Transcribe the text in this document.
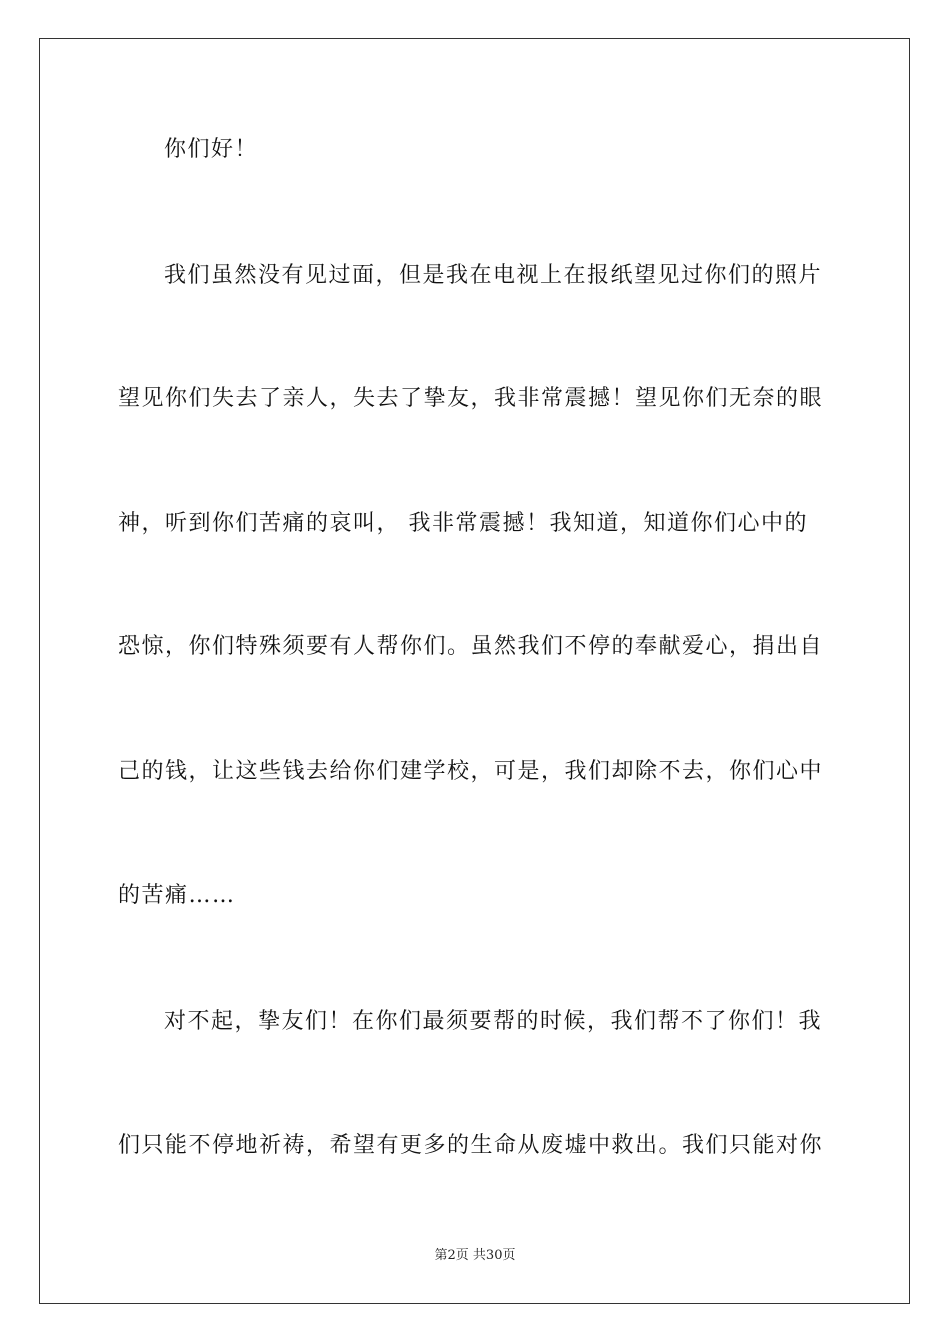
你们好！
我们虽然没有见过面，但是我在电视上在报纸望见过你们的照片
望见你们失去了亲人，失去了挚友，我非常震撼！望见你们无奈的眼
神，听到你们苦痛的哀叫， 我非常震撼！我知道，知道你们心中的
恐惊，你们特殊须要有人帮你们。虽然我们不停的奉献爱心，捐出自
己的钱，让这些钱去给你们建学校，可是，我们却除不去，你们心中
的苦痛……
对不起，挚友们！在你们最须要帮的时候，我们帮不了你们！我
们只能不停地祈祷，希望有更多的生命从废墟中救出。我们只能对你
第2页 共30页
